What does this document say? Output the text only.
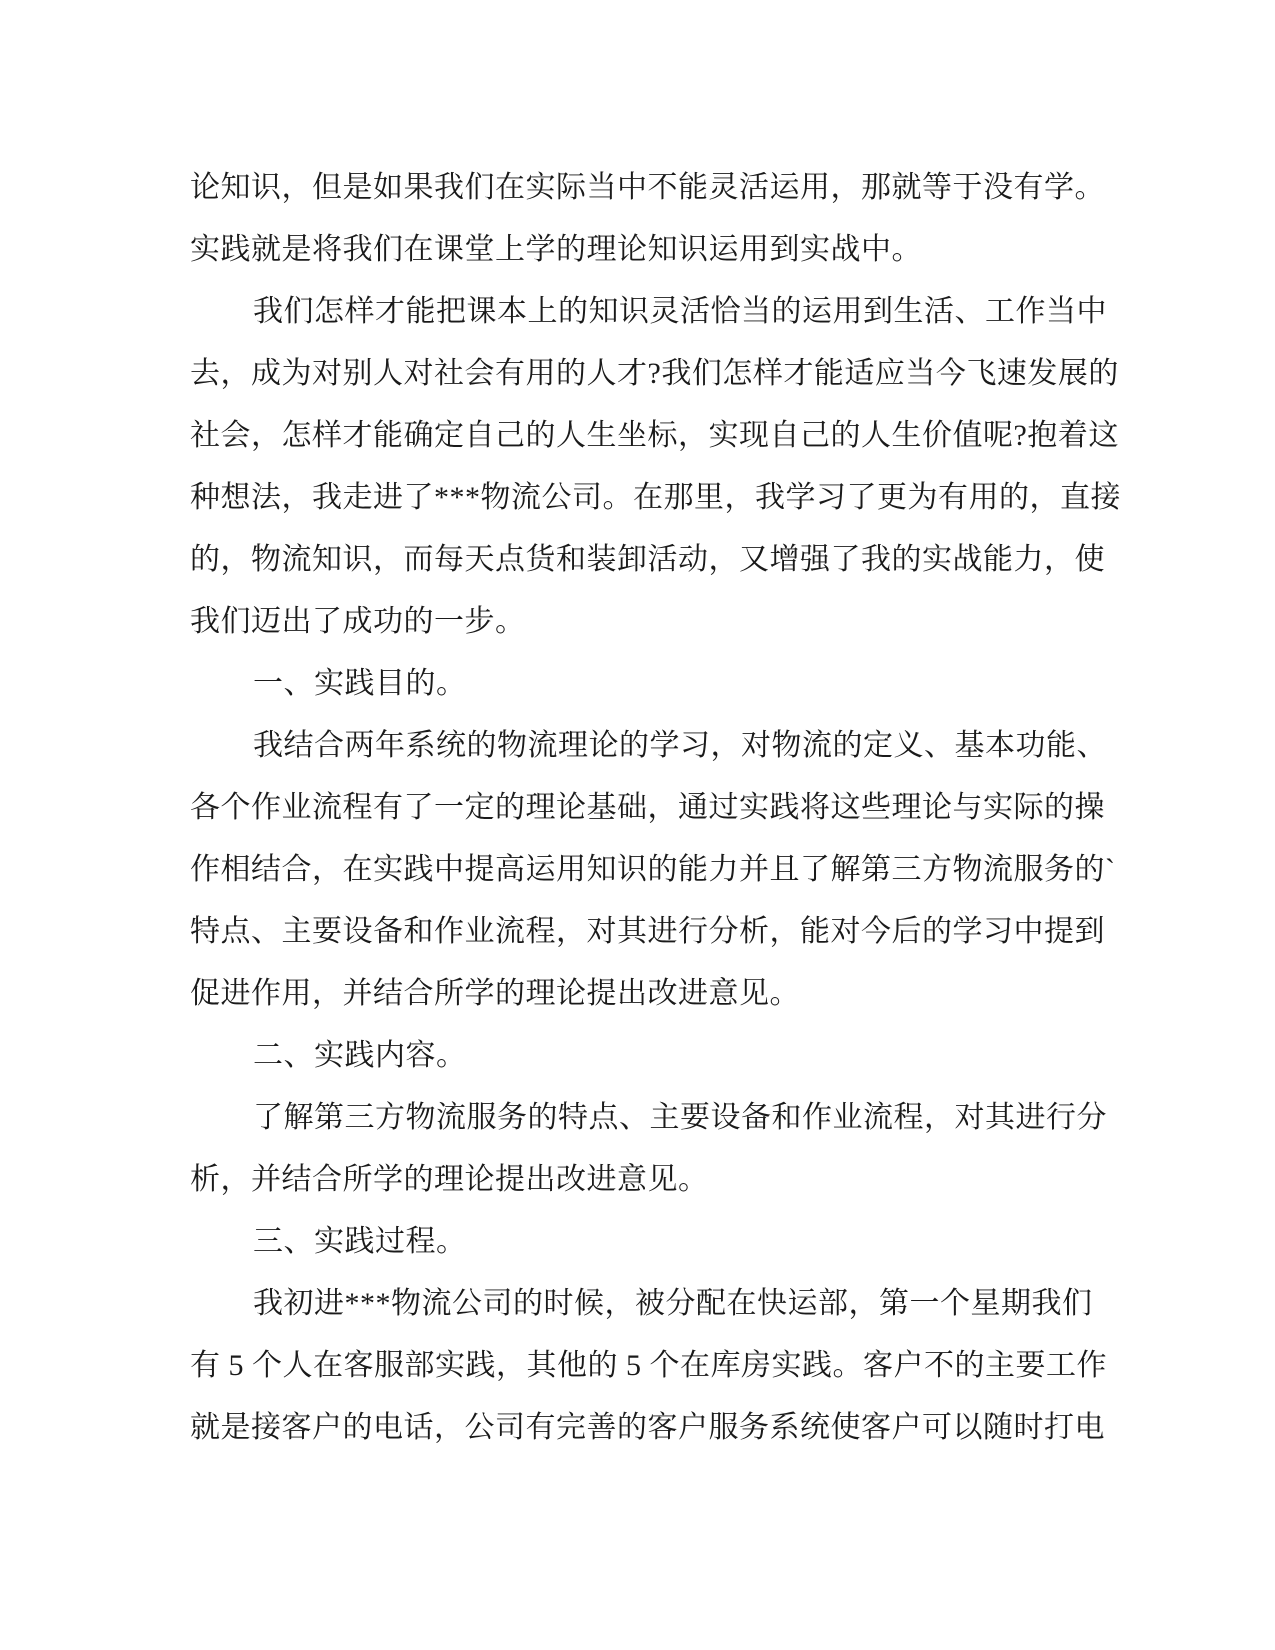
论知识，但是如果我们在实际当中不能灵活运用，那就等于没有学。
实践就是将我们在课堂上学的理论知识运用到实战中。
我们怎样才能把课本上的知识灵活恰当的运用到生活、工作当中
去，成为对别人对社会有用的人才?我们怎样才能适应当今飞速发展的
社会，怎样才能确定自己的人生坐标，实现自己的人生价值呢?抱着这
种想法，我走进了***物流公司。在那里，我学习了更为有用的，直接
的，物流知识，而每天点货和装卸活动，又增强了我的实战能力，使
我们迈出了成功的一步。
一、实践目的。
我结合两年系统的物流理论的学习，对物流的定义、基本功能、
各个作业流程有了一定的理论基础，通过实践将这些理论与实际的操
作相结合，在实践中提高运用知识的能力并且了解第三方物流服务的`
特点、主要设备和作业流程，对其进行分析，能对今后的学习中提到
促进作用，并结合所学的理论提出改进意见。
二、实践内容。
了解第三方物流服务的特点、主要设备和作业流程，对其进行分
析，并结合所学的理论提出改进意见。
三、实践过程。
我初进***物流公司的时候，被分配在快运部，第一个星期我们
有 5 个人在客服部实践，其他的 5 个在库房实践。客户不的主要工作
就是接客户的电话，公司有完善的客户服务系统使客户可以随时打电
